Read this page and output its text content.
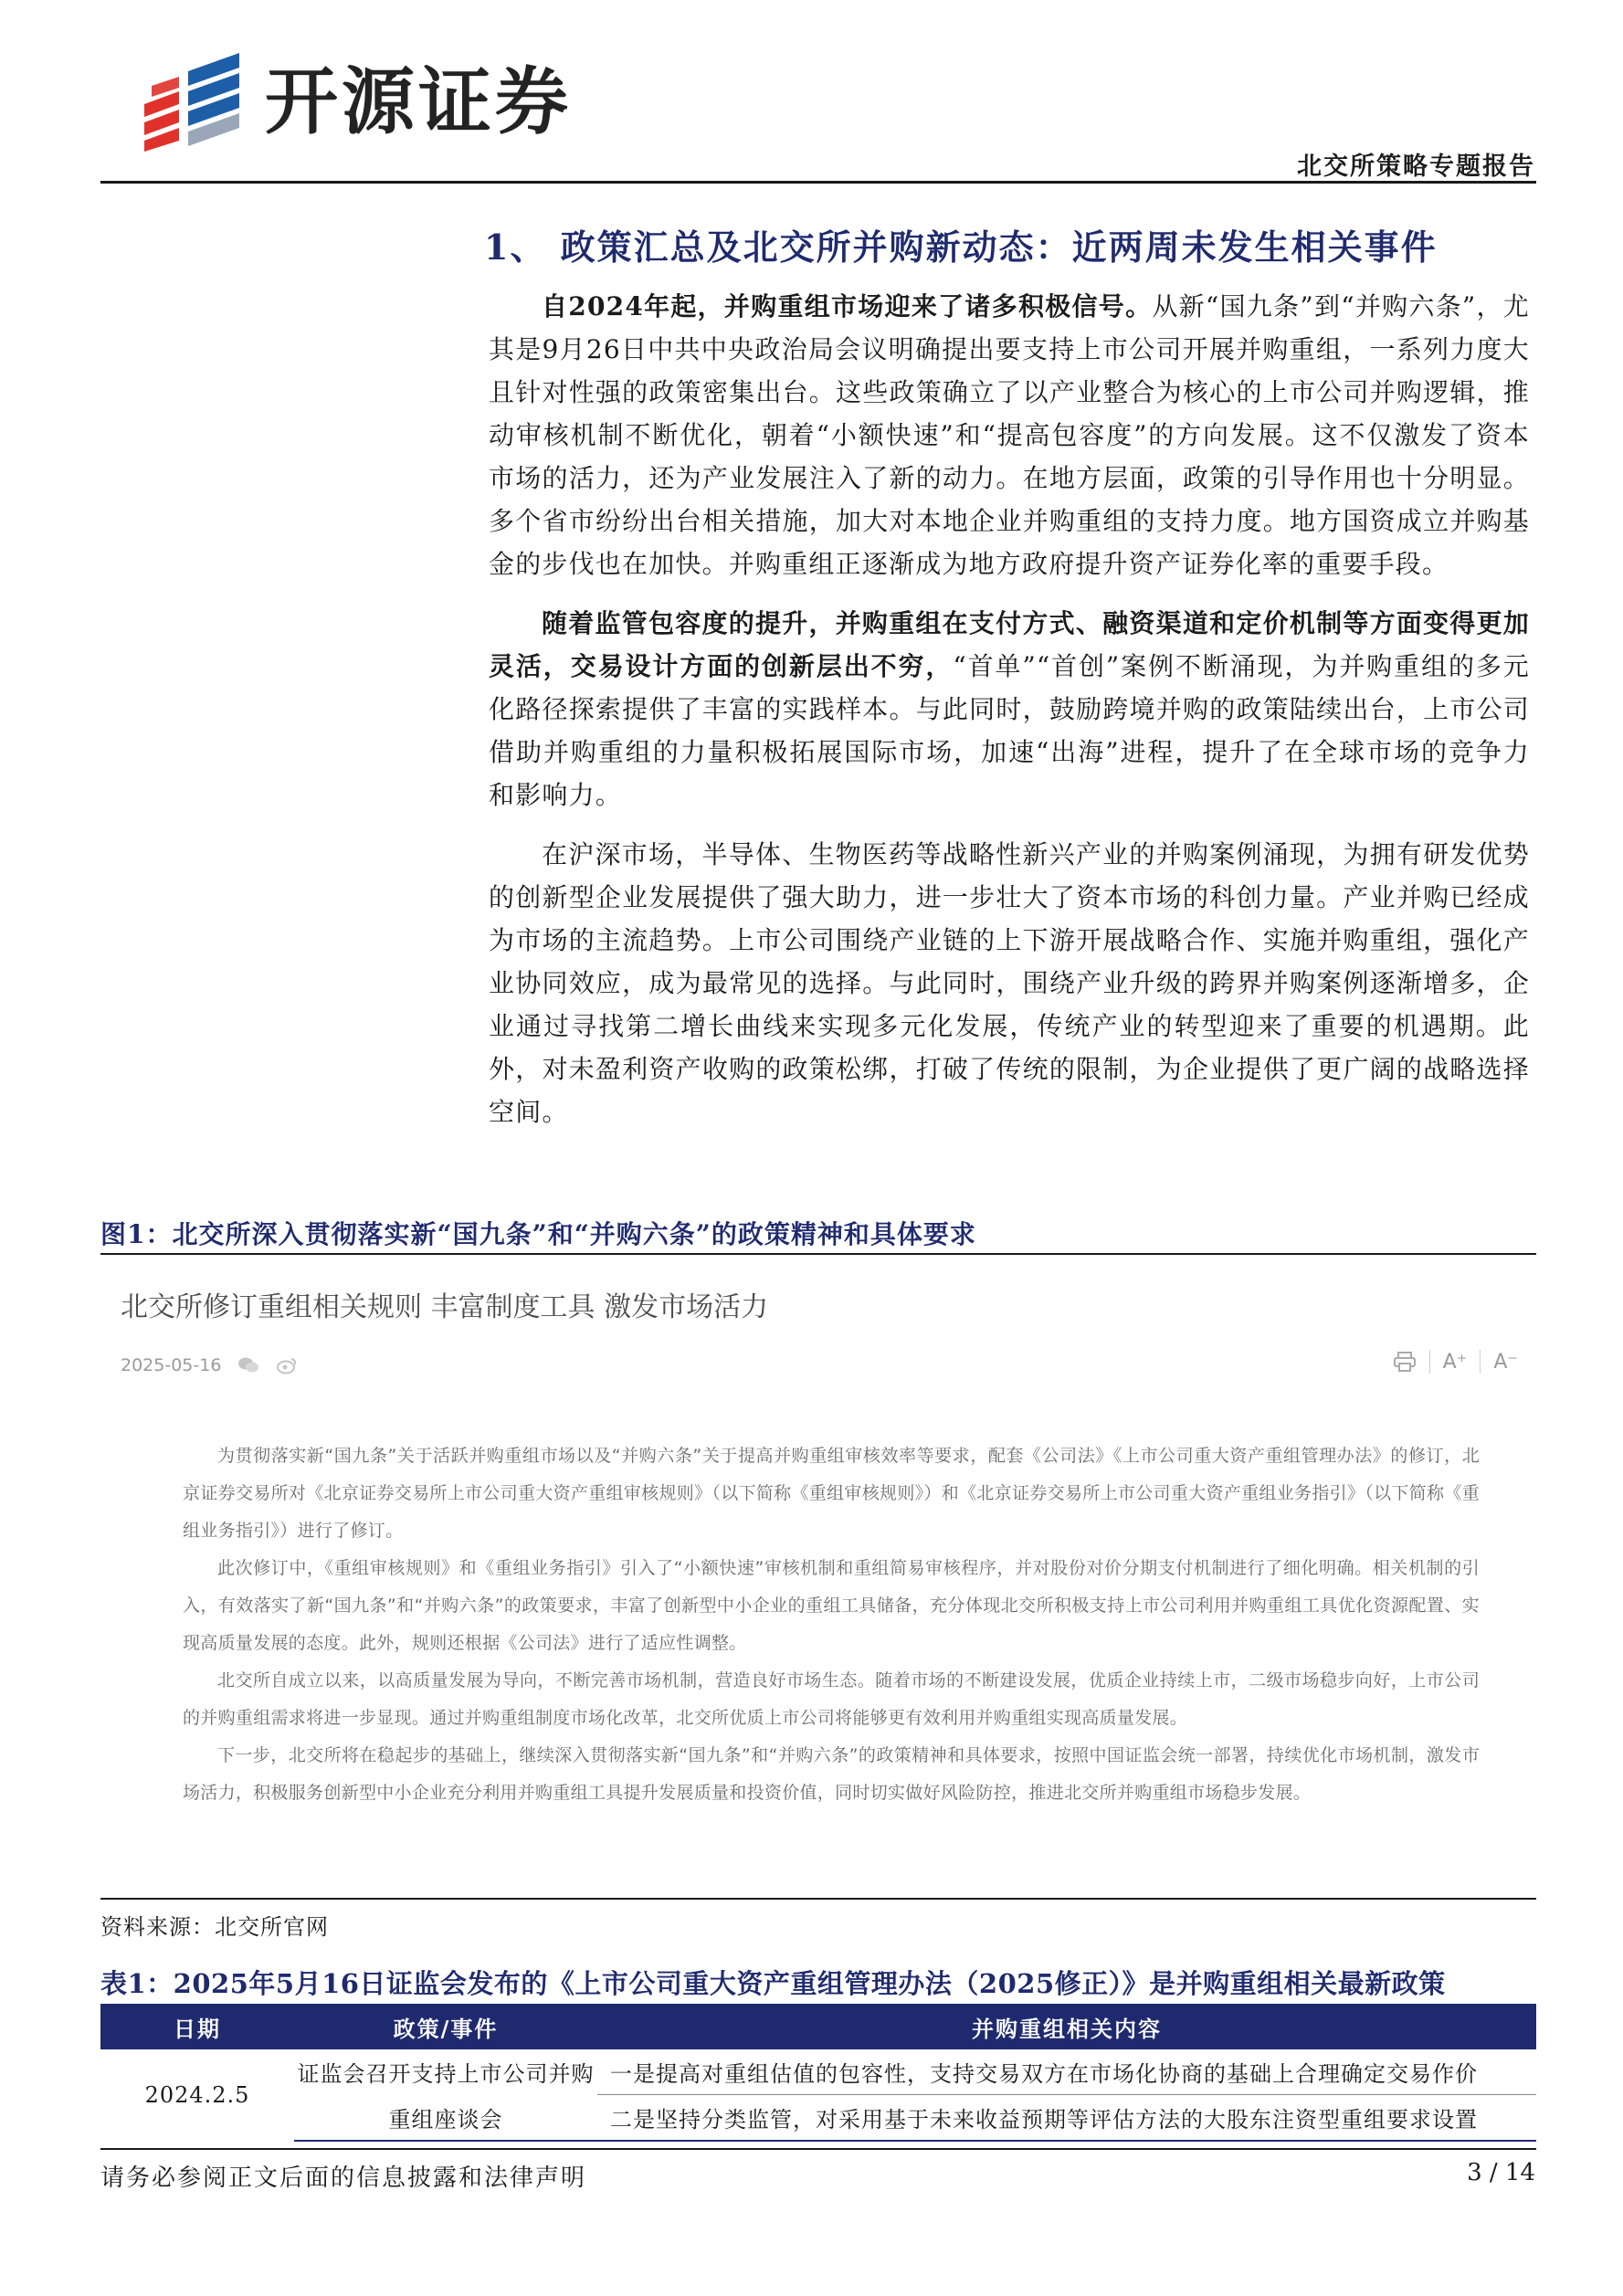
开源证券
北交所策略专题报告
1、 政策汇总及北交所并购新动态：近两周未发生相关事件

自2024年起，并购重组市场迎来了诸多积极信号。从新“国九条”到“并购六条”，尤其是9月26日中共中央政治局会议明确提出要支持上市公司开展并购重组，一系列力度大且针对性强的政策密集出台。这些政策确立了以产业整合为核心的上市公司并购逻辑，推动审核机制不断优化，朝着“小额快速”和“提高包容度”的方向发展。这不仅激发了资本市场的活力，还为产业发展注入了新的动力。在地方层面，政策的引导作用也十分明显。多个省市纷纷出台相关措施，加大对本地企业并购重组的支持力度。地方国资成立并购基金的步伐也在加快。并购重组正逐渐成为地方政府提升资产证券化率的重要手段。

随着监管包容度的提升，并购重组在支付方式、融资渠道和定价机制等方面变得更加灵活，交易设计方面的创新层出不穷，“首单”“首创”案例不断涌现，为并购重组的多元化路径探索提供了丰富的实践样本。与此同时，鼓励跨境并购的政策陆续出台，上市公司借助并购重组的力量积极拓展国际市场，加速“出海”进程，提升了在全球市场的竞争力和影响力。

在沪深市场，半导体、生物医药等战略性新兴产业的并购案例涌现，为拥有研发优势的创新型企业发展提供了强大助力，进一步壮大了资本市场的科创力量。产业并购已经成为市场的主流趋势。上市公司围绕产业链的上下游开展战略合作、实施并购重组，强化产业协同效应，成为最常见的选择。与此同时，围绕产业升级的跨界并购案例逐渐增多，企业通过寻找第二增长曲线来实现多元化发展，传统产业的转型迎来了重要的机遇期。此外，对未盈利资产收购的政策松绑，打破了传统的限制，为企业提供了更广阔的战略选择空间。

图1：北交所深入贯彻落实新“国九条”和“并购六条”的政策精神和具体要求
北交所修订重组相关规则 丰富制度工具 激发市场活力
2025-05-16	A⁺ A⁻

为贯彻落实新“国九条”关于活跃并购重组市场以及“并购六条”关于提高并购重组审核效率等要求，配套《公司法》《上市公司重大资产重组管理办法》的修订，北京证券交易所对《北京证券交易所上市公司重大资产重组审核规则》（以下简称《重组审核规则》）和《北京证券交易所上市公司重大资产重组业务指引》（以下简称《重组业务指引》）进行了修订。

此次修订中，《重组审核规则》和《重组业务指引》引入了“小额快速”审核机制和重组简易审核程序，并对股份对价分期支付机制进行了细化明确。相关机制的引入，有效落实了新“国九条”和“并购六条”的政策要求，丰富了创新型中小企业的重组工具储备，充分体现北交所积极支持上市公司利用并购重组工具优化资源配置、实现高质量发展的态度。此外，规则还根据《公司法》进行了适应性调整。

北交所自成立以来，以高质量发展为导向，不断完善市场机制，营造良好市场生态。随着市场的不断建设发展，优质企业持续上市，二级市场稳步向好，上市公司的并购重组需求将进一步显现。通过并购重组制度市场化改革，北交所优质上市公司将能够更有效利用并购重组实现高质量发展。

下一步，北交所将在稳起步的基础上，继续深入贯彻落实新“国九条”和“并购六条”的政策精神和具体要求，按照中国证监会统一部署，持续优化市场机制，激发市场活力，积极服务创新型中小企业充分利用并购重组工具提升发展质量和投资价值，同时切实做好风险防控，推进北交所并购重组市场稳步发展。

资料来源：北交所官网
表1：2025年5月16日证监会发布的《上市公司重大资产重组管理办法（2025修正）》是并购重组相关最新政策
日期	政策/事件	并购重组相关内容
2024.2.5	证监会召开支持上市公司并购	一是提高对重组估值的包容性，支持交易双方在市场化协商的基础上合理确定交易作价
	重组座谈会	二是坚持分类监管，对采用基于未来收益预期等评估方法的大股东注资型重组要求设置
请务必参阅正文后面的信息披露和法律声明	3 / 14
